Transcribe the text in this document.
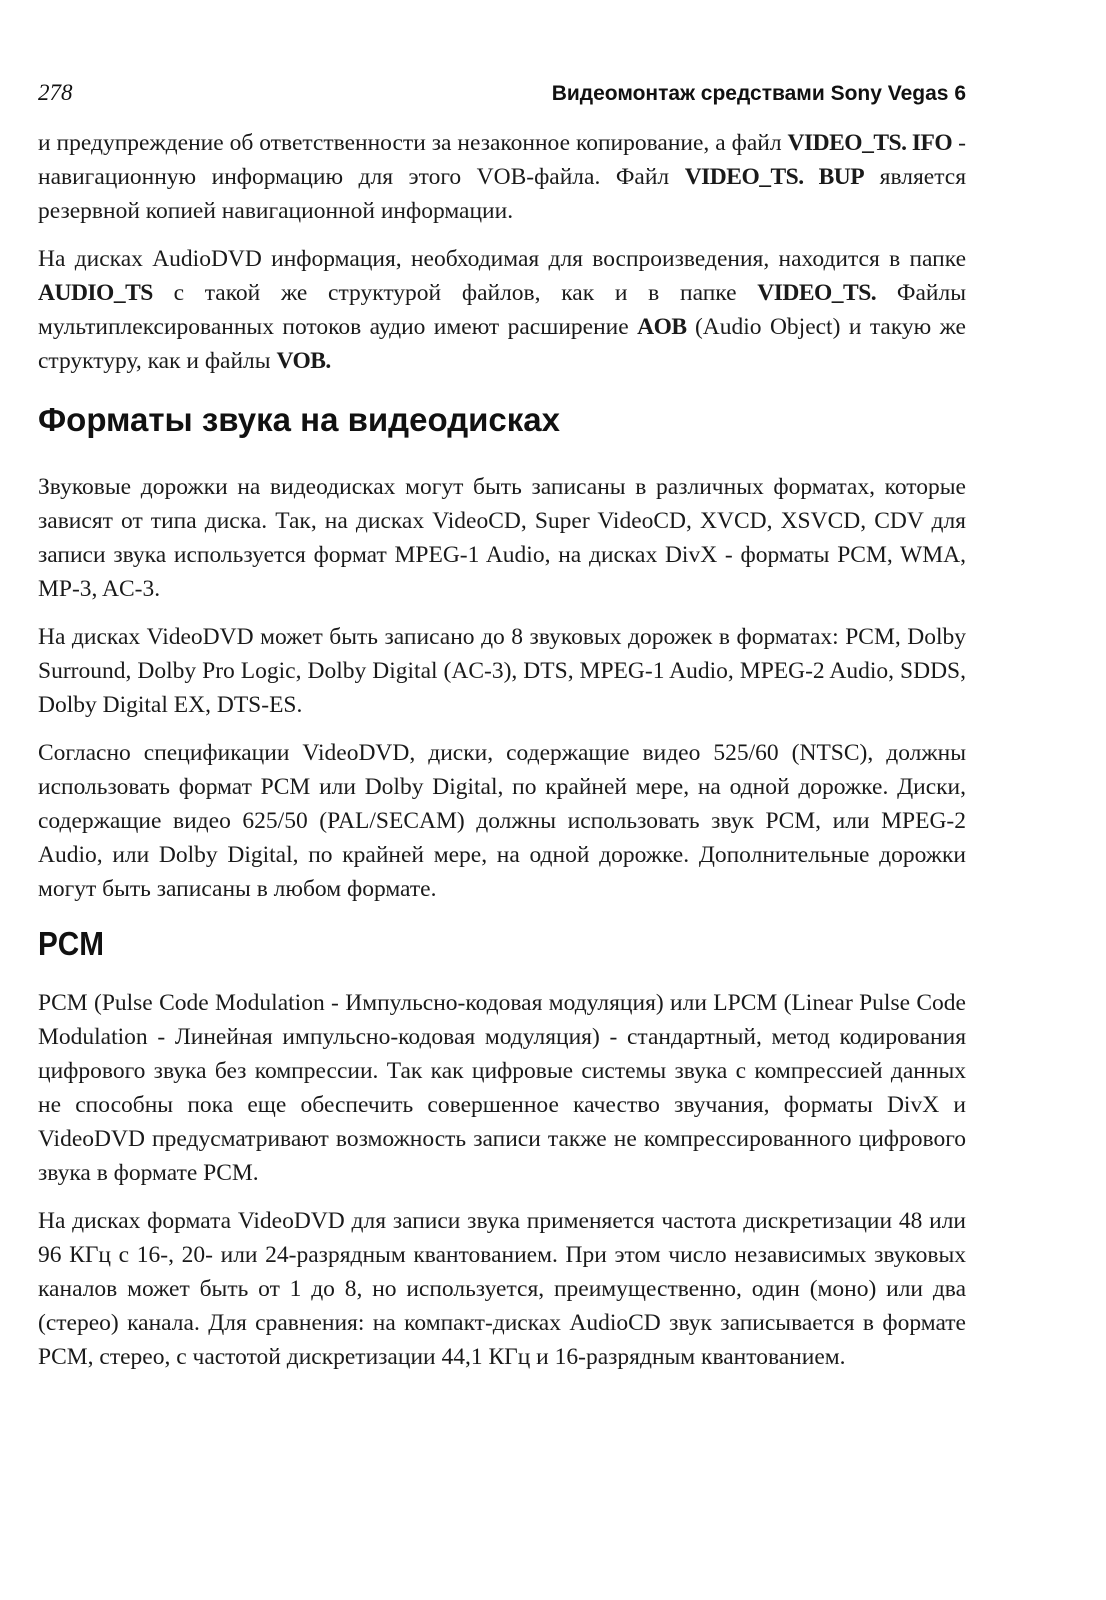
278	Видеомонтаж средствами Sony Vegas 6

и предупреждение об ответственности за незаконное копирование, а файл VIDEO_TS. IFO - навигационную информацию для этого VOB-файла. Файл VIDEO_TS. BUP является резервной копией навигационной информации.

На дисках AudioDVD информация, необходимая для воспроизведения, находится в папке AUDIO_TS с такой же структурой файлов, как и в папке VIDEO_TS. Файлы мультиплексированных потоков аудио имеют расширение AOB (Audio Object) и такую же структуру, как и файлы VOB.

Форматы звука на видеодисках

Звуковые дорожки на видеодисках могут быть записаны в различных форматах, которые зависят от типа диска. Так, на дисках VideoCD, Super VideoCD, XVCD, XSVCD, CDV для записи звука используется формат MPEG-1 Audio, на дисках DivX - форматы PCM, WMA, MP-3, AC-3.

На дисках VideoDVD может быть записано до 8 звуковых дорожек в форматах: PCM, Dolby Surround, Dolby Pro Logic, Dolby Digital (AC-3), DTS, MPEG-1 Audio, MPEG-2 Audio, SDDS, Dolby Digital EX, DTS-ES.

Согласно спецификации VideoDVD, диски, содержащие видео 525/60 (NTSC), должны использовать формат PCM или Dolby Digital, по крайней мере, на одной дорожке. Диски, содержащие видео 625/50 (PAL/SECAM) должны использовать звук PCM, или MPEG-2 Audio, или Dolby Digital, по крайней мере, на одной дорожке. Дополнительные дорожки могут быть записаны в любом формате.

PCM

PCM (Pulse Code Modulation - Импульсно-кодовая модуляция) или LPCM (Linear Pulse Code Modulation - Линейная импульсно-кодовая модуляция) - стандартный, метод кодирования цифрового звука без компрессии. Так как цифровые системы звука с компрессией данных не способны пока еще обеспечить совершенное качество звучания, форматы DivX и VideoDVD предусматривают возможность записи также не компрессированного цифрового звука в формате PCM.

На дисках формата VideoDVD для записи звука применяется частота дискретизации 48 или 96 КГц с 16-, 20- или 24-разрядным квантованием. При этом число независимых звуковых каналов может быть от 1 до 8, но используется, преимущественно, один (моно) или два (стерео) канала. Для сравнения: на компакт-дисках AudioCD звук записывается в формате PCM, стерео, с частотой дискретизации 44,1 КГц и 16-разрядным квантованием.
